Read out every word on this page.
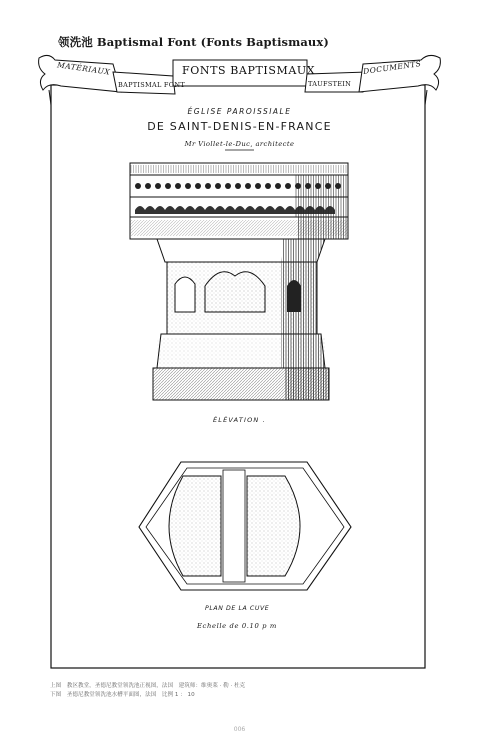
领洗池 Baptismal Font (Fonts Baptismaux)
MATÉRIAUX
BAPTISMAL FONT
FONTS BAPTISMAUX
TAUFSTEIN
DOCUMENTS
ÉGLISE PAROISSIALE
DE SAINT-DENIS-EN-FRANCE
Mr Viollet-le-Duc, architecte
ÉLÉVATION .
PLAN DE LA CUVE
Echelle de 0.10 p m
上图　教区教堂，圣德尼教堂领洗池正视图，法国　建筑师：维奥莱 · 勒 · 杜克
下图　圣德尼教堂领洗池水槽平面图，法国　比例 1 ： 10
006
